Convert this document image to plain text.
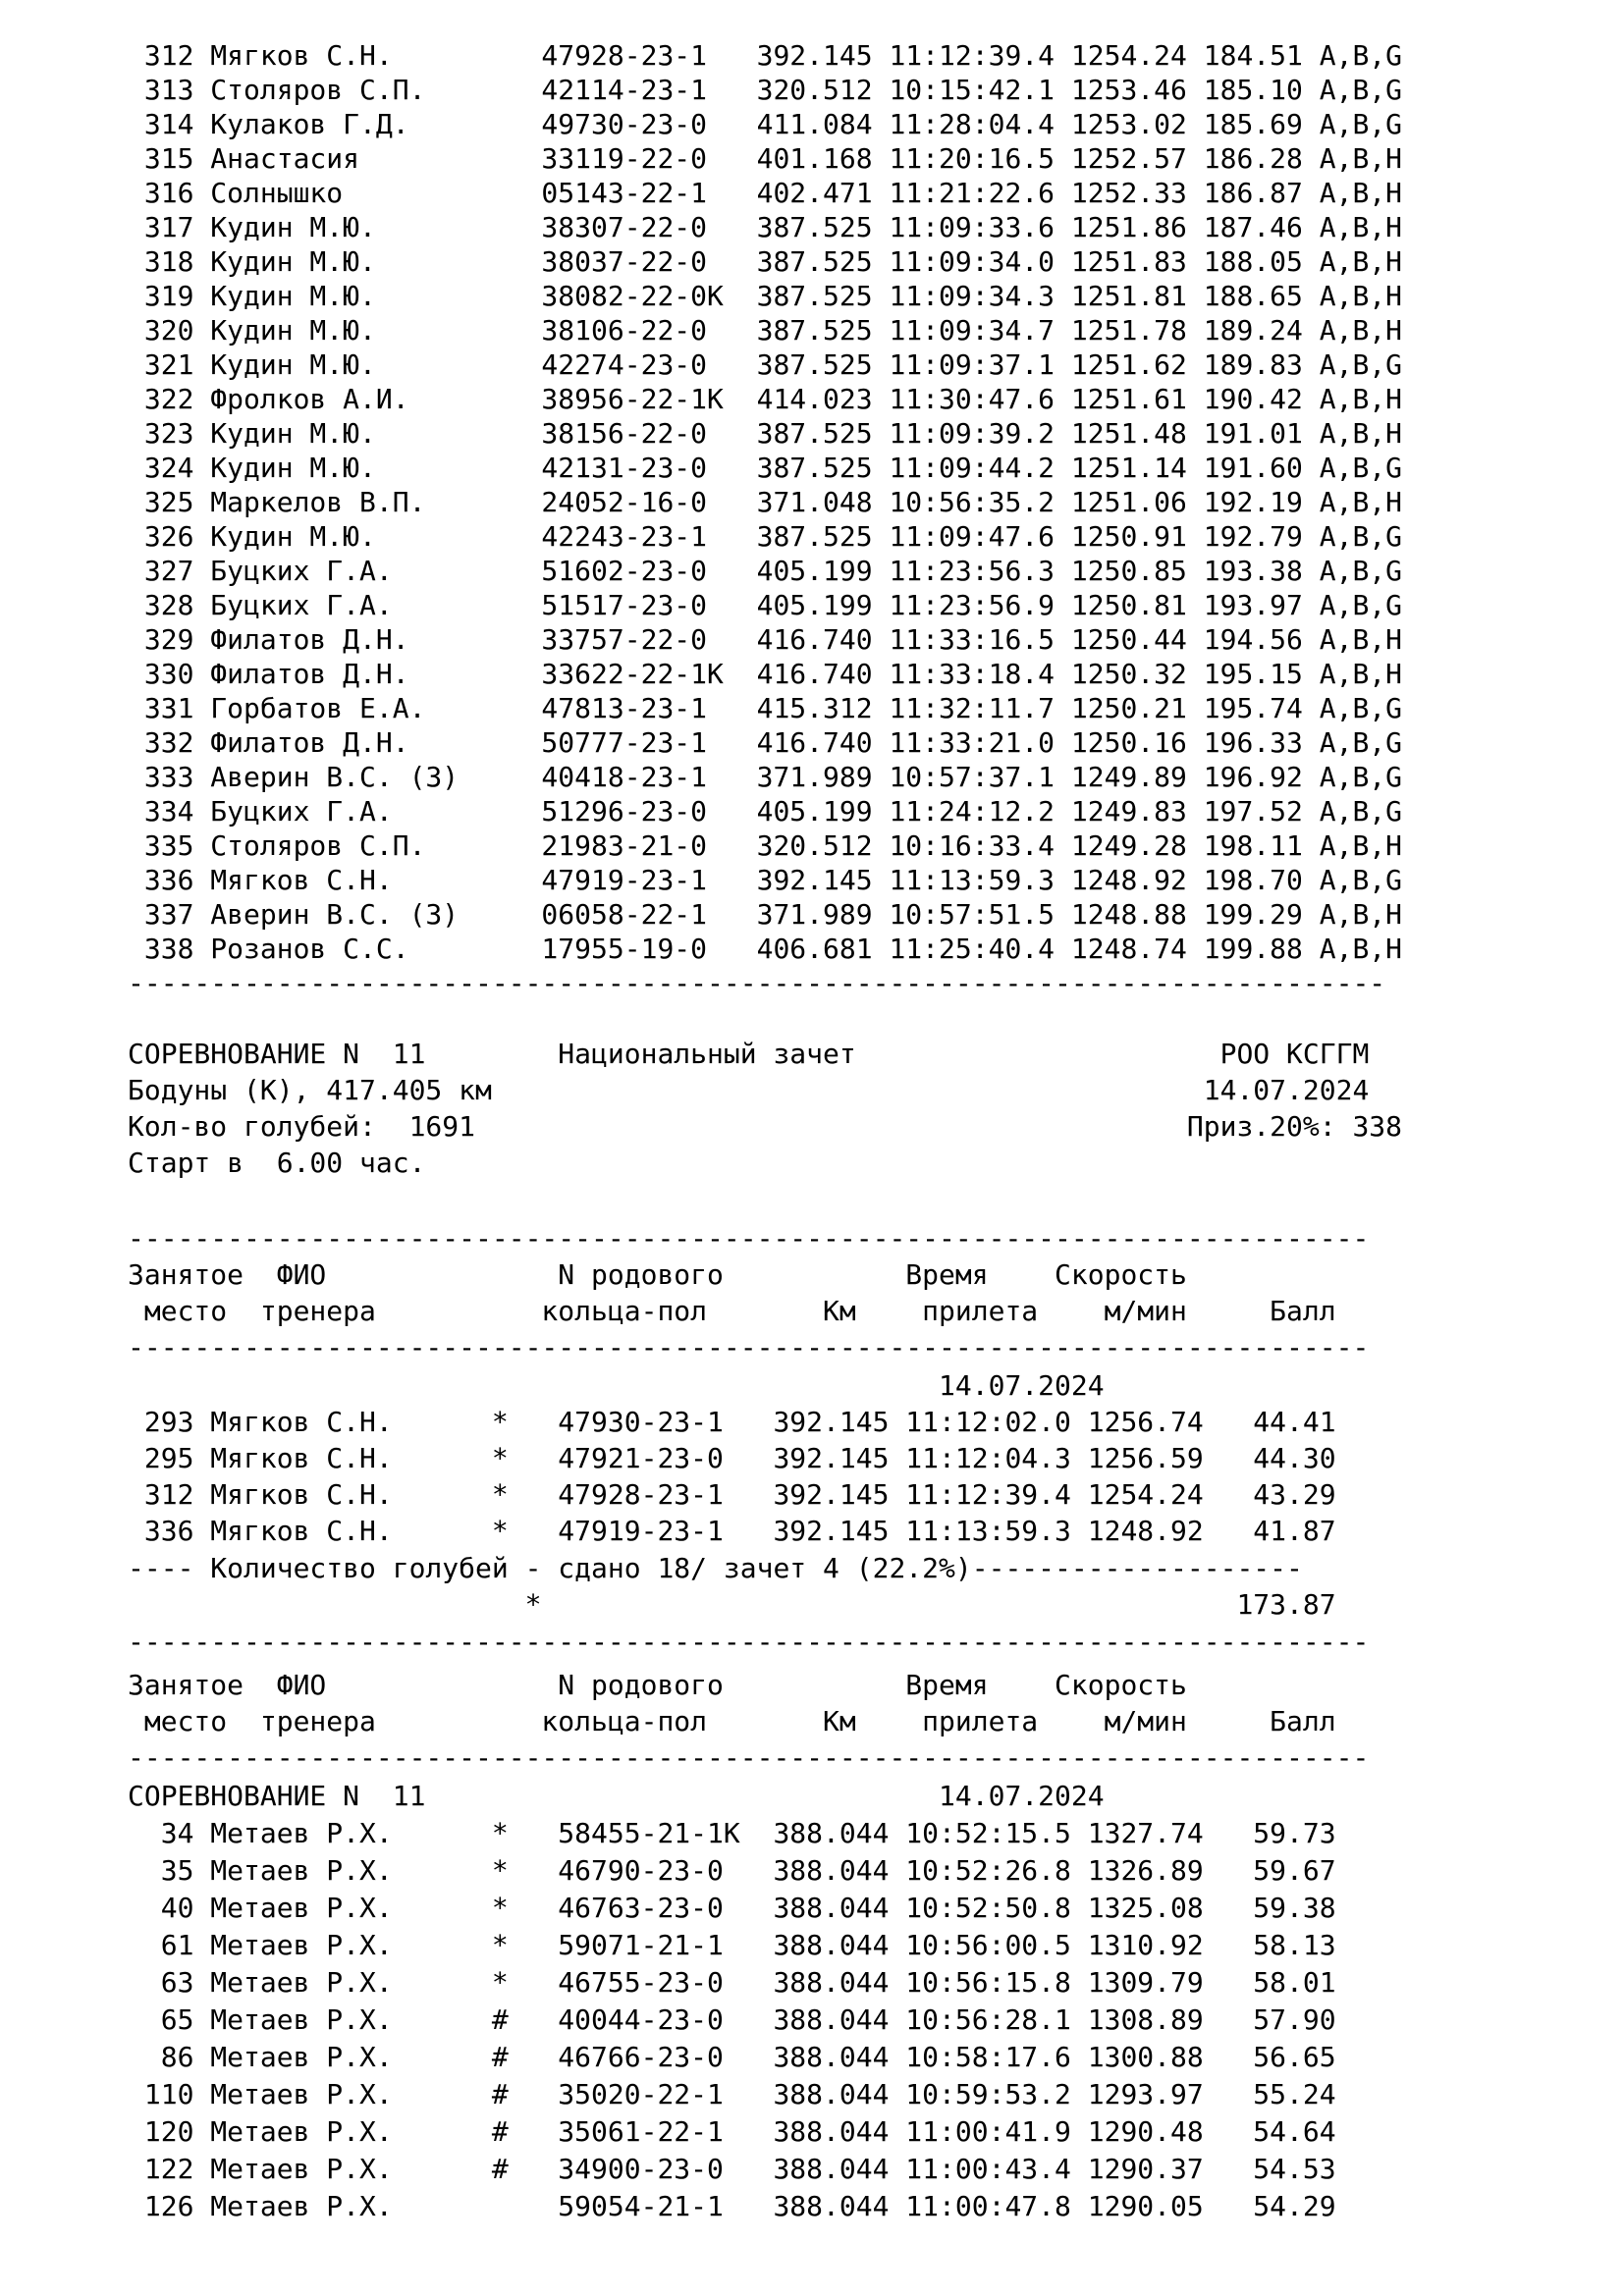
312 Мягков С.Н.         47928-23-1   392.145 11:12:39.4 1254.24 184.51 A,B,G
313 Столяров С.П.       42114-23-1   320.512 10:15:42.1 1253.46 185.10 A,B,G
314 Кулаков Г.Д.        49730-23-0   411.084 11:28:04.4 1253.02 185.69 A,B,G
315 Анастасия           33119-22-0   401.168 11:20:16.5 1252.57 186.28 A,B,H
316 Солнышко            05143-22-1   402.471 11:21:22.6 1252.33 186.87 A,B,H
317 Кудин М.Ю.          38307-22-0   387.525 11:09:33.6 1251.86 187.46 A,B,H
318 Кудин М.Ю.          38037-22-0   387.525 11:09:34.0 1251.83 188.05 A,B,H
319 Кудин М.Ю.          38082-22-0K  387.525 11:09:34.3 1251.81 188.65 A,B,H
320 Кудин М.Ю.          38106-22-0   387.525 11:09:34.7 1251.78 189.24 A,B,H
321 Кудин М.Ю.          42274-23-0   387.525 11:09:37.1 1251.62 189.83 A,B,G
322 Фролков А.И.        38956-22-1K  414.023 11:30:47.6 1251.61 190.42 A,B,H
323 Кудин М.Ю.          38156-22-0   387.525 11:09:39.2 1251.48 191.01 A,B,H
324 Кудин М.Ю.          42131-23-0   387.525 11:09:44.2 1251.14 191.60 A,B,G
325 Маркелов В.П.       24052-16-0   371.048 10:56:35.2 1251.06 192.19 A,B,H
326 Кудин М.Ю.          42243-23-1   387.525 11:09:47.6 1250.91 192.79 A,B,G
327 Буцких Г.А.         51602-23-0   405.199 11:23:56.3 1250.85 193.38 A,B,G
328 Буцких Г.А.         51517-23-0   405.199 11:23:56.9 1250.81 193.97 A,B,G
329 Филатов Д.Н.        33757-22-0   416.740 11:33:16.5 1250.44 194.56 A,B,H
330 Филатов Д.Н.        33622-22-1K  416.740 11:33:18.4 1250.32 195.15 A,B,H
331 Горбатов Е.А.       47813-23-1   415.312 11:32:11.7 1250.21 195.74 A,B,G
332 Филатов Д.Н.        50777-23-1   416.740 11:33:21.0 1250.16 196.33 A,B,G
333 Аверин В.С. (З)     40418-23-1   371.989 10:57:37.1 1249.89 196.92 A,B,G
334 Буцких Г.А.         51296-23-0   405.199 11:24:12.2 1249.83 197.52 A,B,G
335 Столяров С.П.       21983-21-0   320.512 10:16:33.4 1249.28 198.11 A,B,H
336 Мягков С.Н.         47919-23-1   392.145 11:13:59.3 1248.92 198.70 A,B,G
337 Аверин В.С. (З)     06058-22-1   371.989 10:57:51.5 1248.88 199.29 A,B,H
338 Розанов С.С.        17955-19-0   406.681 11:25:40.4 1248.74 199.88 A,B,H
----------------------------------------------------------------------------
СОРЕВНОВАНИЕ N  11        Национальный зачет                      РОО КСГГМ
Бодуны (К), 417.405 км                                           14.07.2024
Кол-во голубей:  1691                                           Приз.20%: 338
Старт в  6.00 час.
---------------------------------------------------------------------------
Занятое  ФИО              N родового           Время    Скорость
место  тренера          кольца-пол       Км    прилета    м/мин     Балл
---------------------------------------------------------------------------
14.07.2024
293 Мягков С.Н.      *   47930-23-1   392.145 11:12:02.0 1256.74   44.41
295 Мягков С.Н.      *   47921-23-0   392.145 11:12:04.3 1256.59   44.30
312 Мягков С.Н.      *   47928-23-1   392.145 11:12:39.4 1254.24   43.29
336 Мягков С.Н.      *   47919-23-1   392.145 11:13:59.3 1248.92   41.87
---- Количество голубей - сдано 18/ зачет 4 (22.2%)--------------------
*                                          173.87
---------------------------------------------------------------------------
Занятое  ФИО              N родового           Время    Скорость
место  тренера          кольца-пол       Км    прилета    м/мин     Балл
---------------------------------------------------------------------------
СОРЕВНОВАНИЕ N  11                               14.07.2024
34 Метаев Р.Х.      *   58455-21-1K  388.044 10:52:15.5 1327.74   59.73
35 Метаев Р.Х.      *   46790-23-0   388.044 10:52:26.8 1326.89   59.67
40 Метаев Р.Х.      *   46763-23-0   388.044 10:52:50.8 1325.08   59.38
61 Метаев Р.Х.      *   59071-21-1   388.044 10:56:00.5 1310.92   58.13
63 Метаев Р.Х.      *   46755-23-0   388.044 10:56:15.8 1309.79   58.01
65 Метаев Р.Х.      #   40044-23-0   388.044 10:56:28.1 1308.89   57.90
86 Метаев Р.Х.      #   46766-23-0   388.044 10:58:17.6 1300.88   56.65
110 Метаев Р.Х.      #   35020-22-1   388.044 10:59:53.2 1293.97   55.24
120 Метаев Р.Х.      #   35061-22-1   388.044 11:00:41.9 1290.48   54.64
122 Метаев Р.Х.      #   34900-23-0   388.044 11:00:43.4 1290.37   54.53
126 Метаев Р.Х.          59054-21-1   388.044 11:00:47.8 1290.05   54.29
